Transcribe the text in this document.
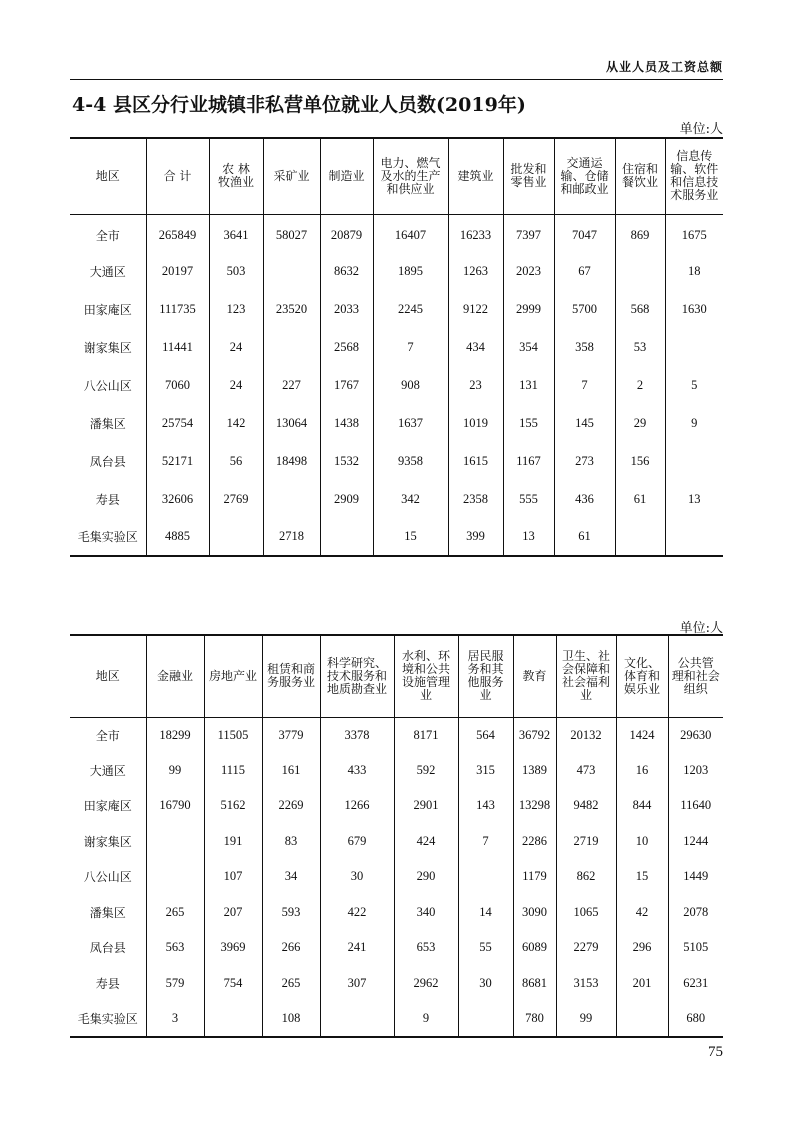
从业人员及工资总额
4-4 县区分行业城镇非私营单位就业人员数(2019年)
单位:人
地区	合 计	农 林
牧渔业	采矿业	制造业	电力、燃气
及水的生产
和供应业	建筑业	批发和
零售业	交通运
输、仓储
和邮政业	住宿和
餐饮业	信息传
输、软件
和信息技
术服务业
全市	265849	3641	58027	20879	16407	16233	7397	7047	869	1675
大通区	20197	503		8632	1895	1263	2023	67		18
田家庵区	111735	123	23520	2033	2245	9122	2999	5700	568	1630
谢家集区	11441	24		2568	7	434	354	358	53	
八公山区	7060	24	227	1767	908	23	131	7	2	5
潘集区	25754	142	13064	1438	1637	1019	155	145	29	9
凤台县	52171	56	18498	1532	9358	1615	1167	273	156	
寿县	32606	2769		2909	342	2358	555	436	61	13
毛集实验区	4885		2718		15	399	13	61		
单位:人
地区	金融业	房地产业	租赁和商
务服务业	科学研究、
技术服务和
地质勘查业	水利、环
境和公共
设施管理
业	居民服
务和其
他服务
业	教育	卫生、社
会保障和
社会福利
业	文化、
体育和
娱乐业	公共管
理和社会
组织
全市	18299	11505	3779	3378	8171	564	36792	20132	1424	29630
大通区	99	1115	161	433	592	315	1389	473	16	1203
田家庵区	16790	5162	2269	1266	2901	143	13298	9482	844	11640
谢家集区		191	83	679	424	7	2286	2719	10	1244
八公山区		107	34	30	290		1179	862	15	1449
潘集区	265	207	593	422	340	14	3090	1065	42	2078
凤台县	563	3969	266	241	653	55	6089	2279	296	5105
寿县	579	754	265	307	2962	30	8681	3153	201	6231
毛集实验区	3		108		9		780	99		680
75
